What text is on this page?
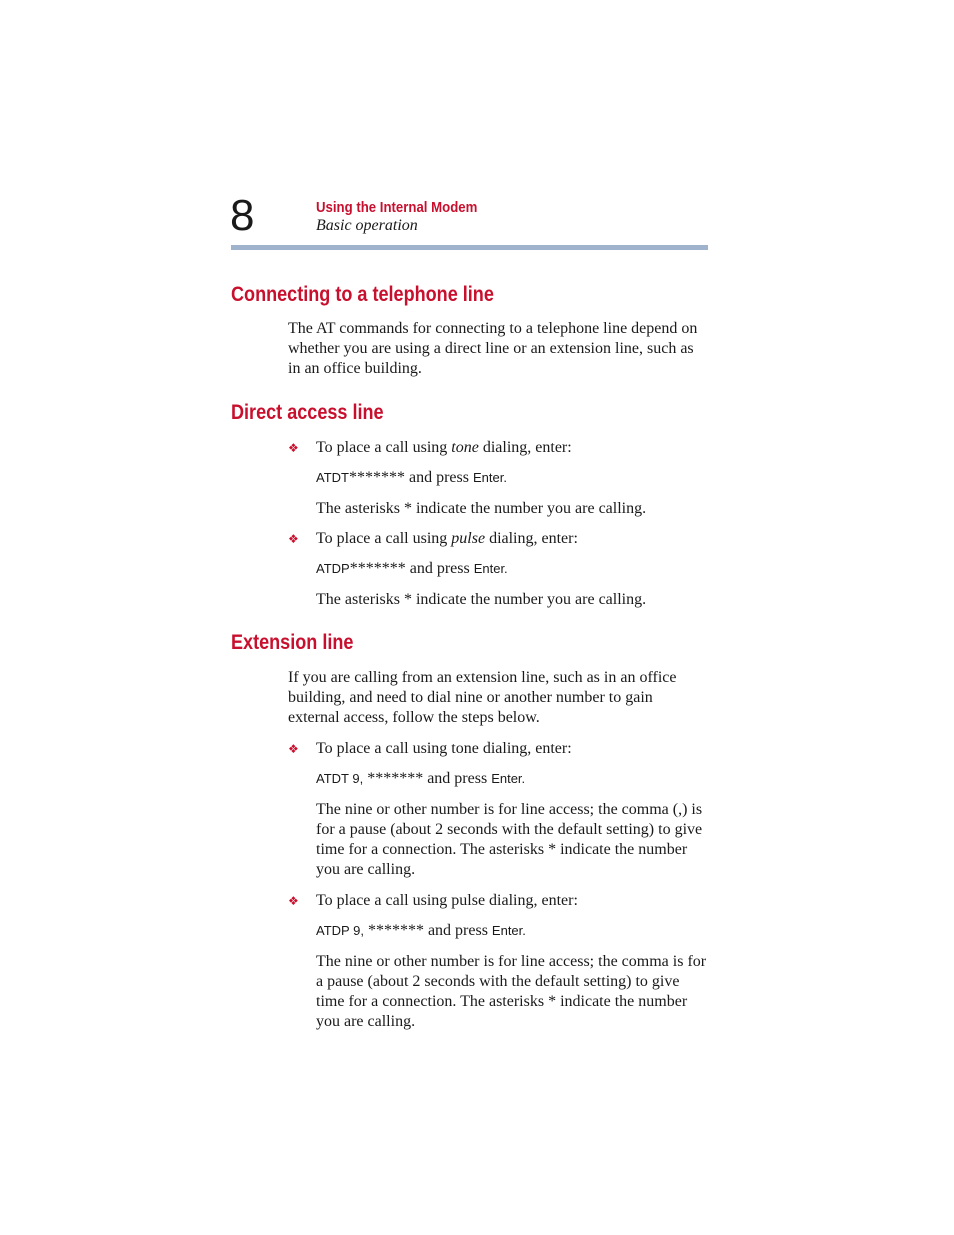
8	Using the Internal Modem
Basic operation
Connecting to a telephone line

The AT commands for connecting to a telephone line depend on whether you are using a direct line or an extension line, such as in an office building.

Direct access line
❖ To place a call using tone dialing, enter:
ATDT******* and press Enter.

The asterisks * indicate the number you are calling.

❖ To place a call using pulse dialing, enter:
ATDP******* and press Enter.

The asterisks * indicate the number you are calling.

Extension line

If you are calling from an extension line, such as in an office building, and need to dial nine or another number to gain external access, follow the steps below.

❖ To place a call using tone dialing, enter:
ATDT 9, ******* and press Enter.

The nine or other number is for line access; the comma (,) is for a pause (about 2 seconds with the default setting) to give time for a connection. The asterisks * indicate the number you are calling.

❖ To place a call using pulse dialing, enter:
ATDP 9, ******* and press Enter.

The nine or other number is for line access; the comma is for a pause (about 2 seconds with the default setting) to give time for a connection. The asterisks * indicate the number you are calling.
